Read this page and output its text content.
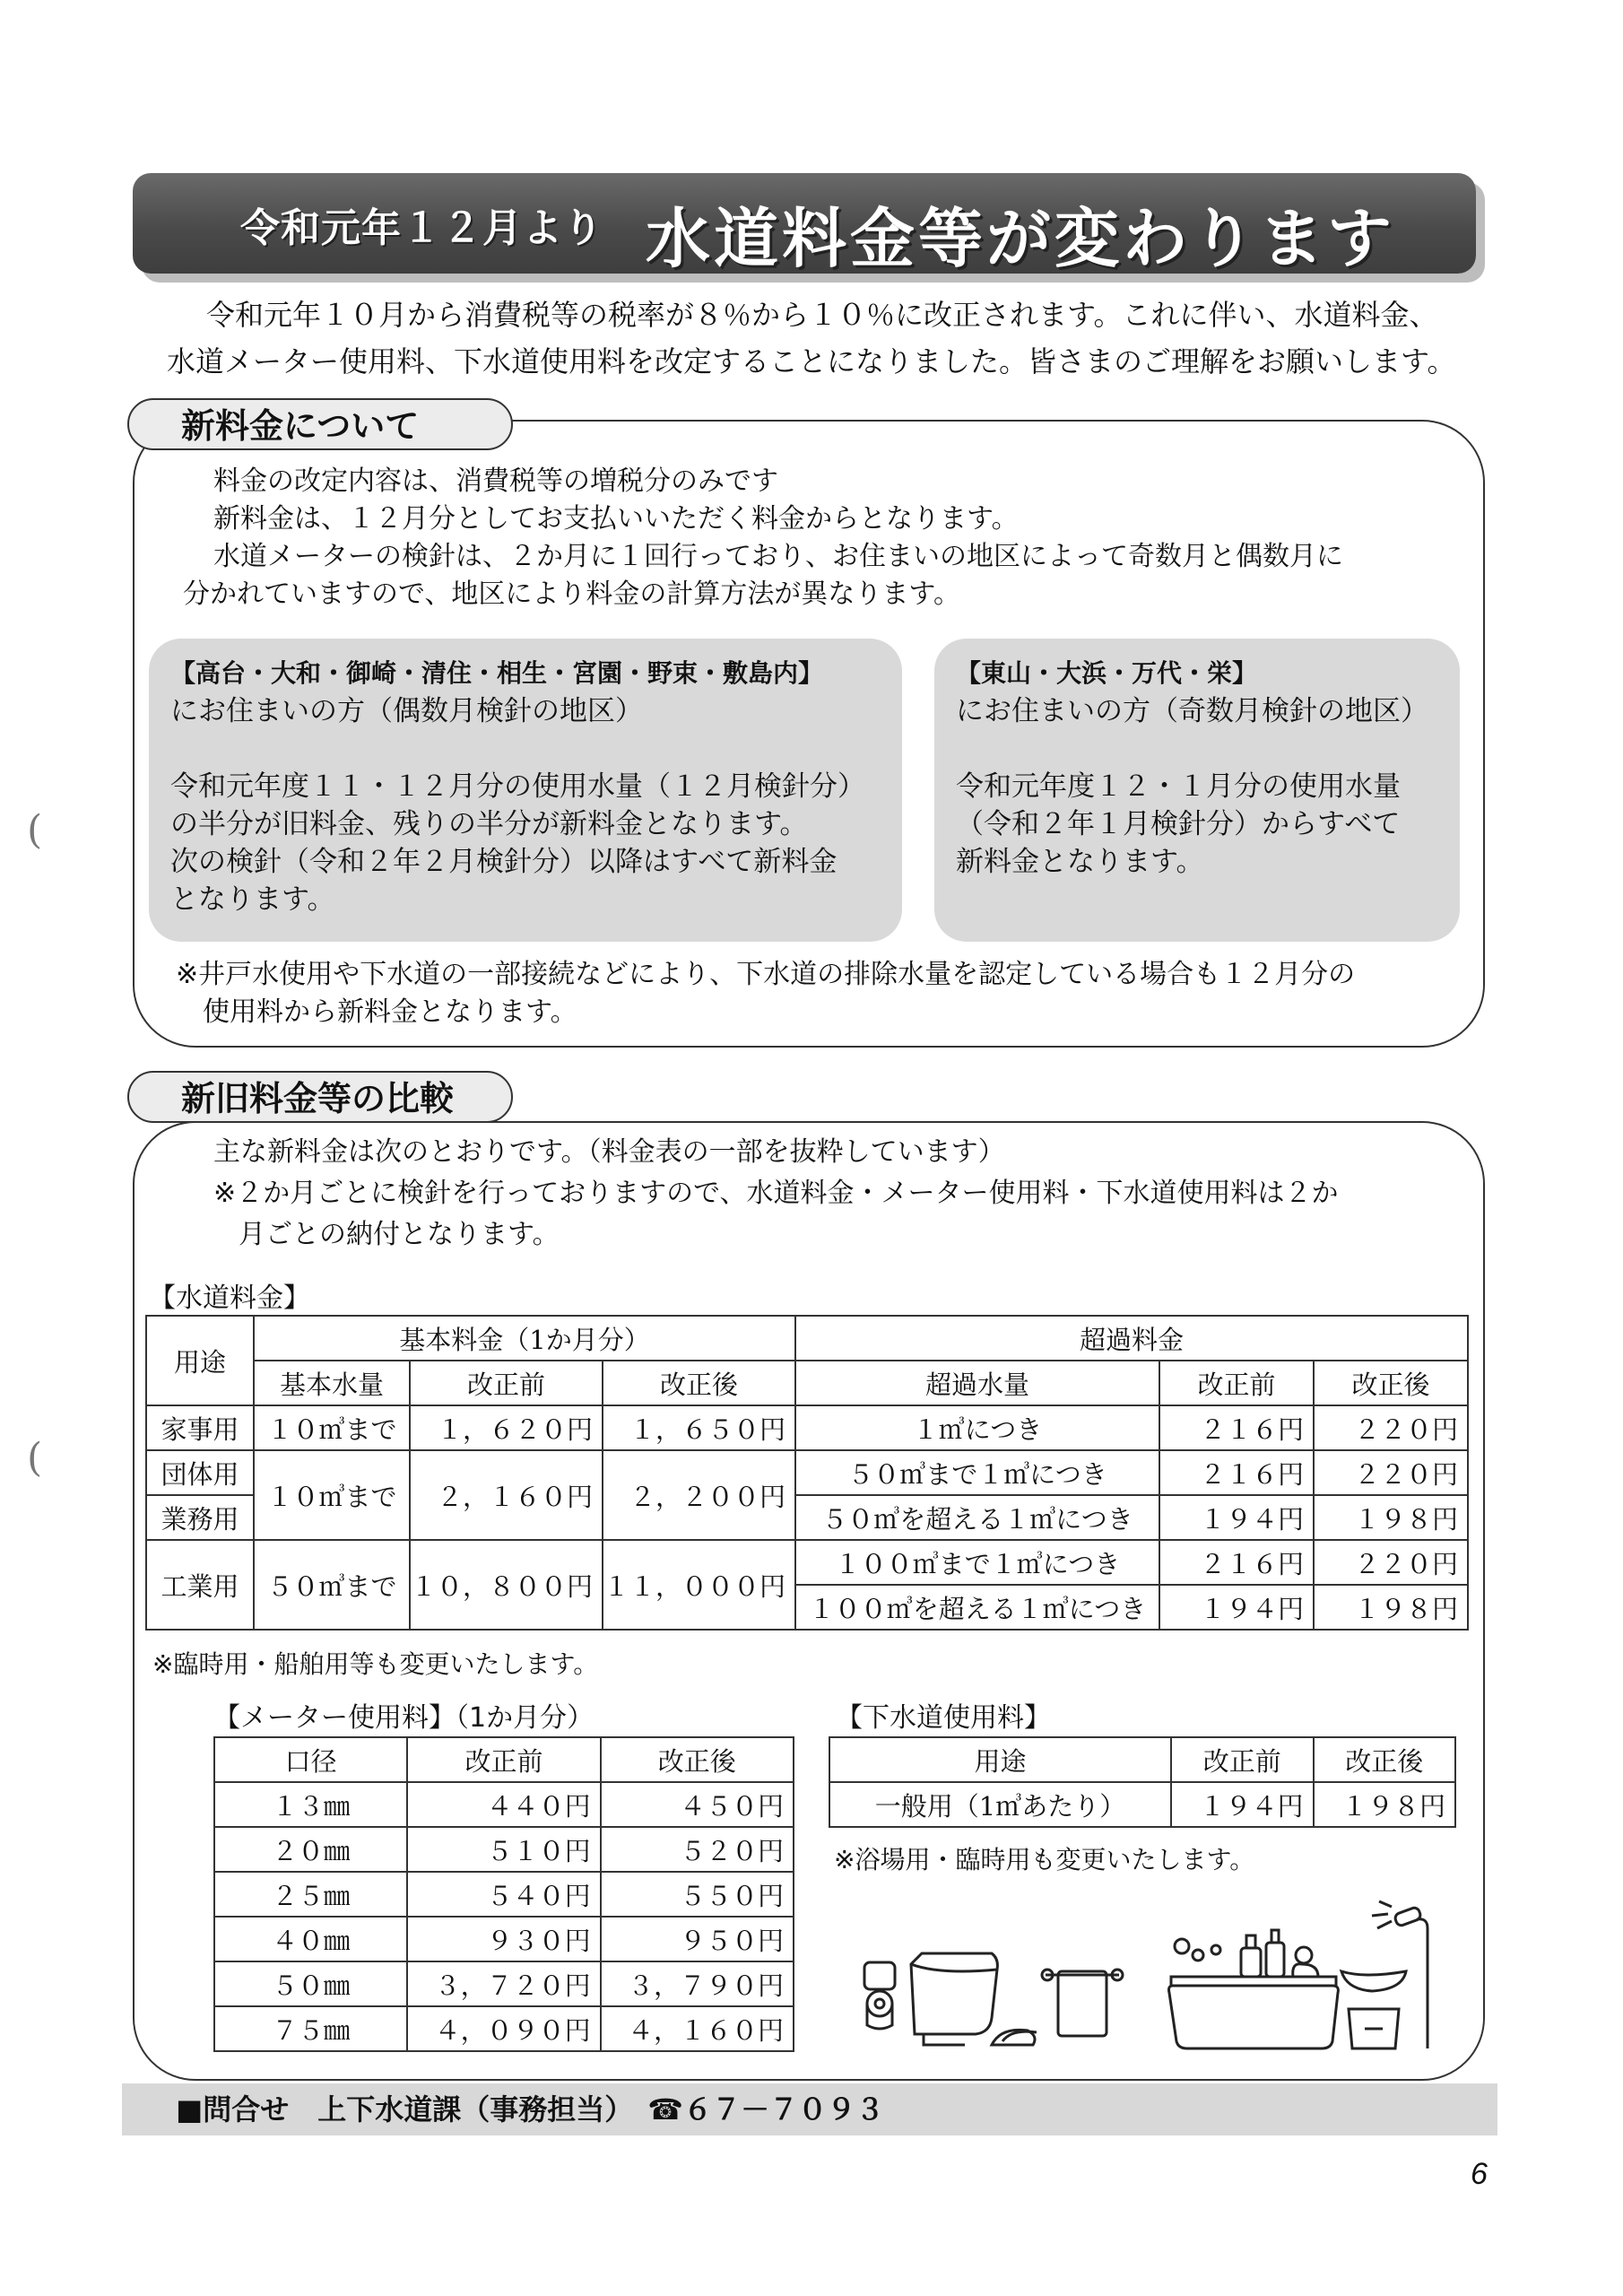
令和元年１２月より 水道料金等が変わります
令和元年１０月から消費税等の税率が８％から１０％に改正されます。これに伴い、水道料金、
水道メーター使用料、下水道使用料を改定することになりました。皆さまのご理解をお願いします。
新料金について
料金の改定内容は、消費税等の増税分のみです
新料金は、１２月分としてお支払いいただく料金からとなります。
水道メーターの検針は、２か月に１回行っており、お住まいの地区によって奇数月と偶数月に
分かれていますので、地区により料金の計算方法が異なります。
【高台・大和・御崎・清住・相生・宮園・野束・敷島内】
にお住まいの方（偶数月検針の地区）
令和元年度１１・１２月分の使用水量（１２月検針分）
の半分が旧料金、残りの半分が新料金となります。
次の検針（令和２年２月検針分）以降はすべて新料金
となります。
【東山・大浜・万代・栄】
にお住まいの方（奇数月検針の地区）
令和元年度１２・１月分の使用水量
（令和２年１月検針分）からすべて
新料金となります。
※井戸水使用や下水道の一部接続などにより、下水道の排除水量を認定している場合も１２月分の
使用料から新料金となります。
新旧料金等の比較
主な新料金は次のとおりです。（料金表の一部を抜粋しています）
※２か月ごとに検針を行っておりますので、水道料金・メーター使用料・下水道使用料は２か
月ごとの納付となります。
【水道料金】
用途	基本料金（1か月分）			超過料金		
	基本水量	改正前	改正後	超過水量	改正前	改正後
家事用	１０㎥まで	１，６２０円	１，６５０円	１㎥につき	２１６円	２２０円
団体用	１０㎥まで	２，１６０円	２，２００円	５０㎥まで１㎥につき	２１６円	２２０円
業務用				５０㎥を超える１㎥につき	１９４円	１９８円
工業用	５０㎥まで	１０，８００円	１１，０００円	１００㎥まで１㎥につき	２１６円	２２０円
				１００㎥を超える１㎥につき	１９４円	１９８円
※臨時用・船舶用等も変更いたします。
【メーター使用料】（1か月分）
口径	改正前	改正後
１３㎜	４４０円	４５０円
２０㎜	５１０円	５２０円
２５㎜	５４０円	５５０円
４０㎜	９３０円	９５０円
５０㎜	３，７２０円	３，７９０円
７５㎜	４，０９０円	４，１６０円
【下水道使用料】
用途	改正前	改正後
一般用（1㎥あたり）	１９４円	１９８円
※浴場用・臨時用も変更いたします。
■問合せ　上下水道課（事務担当）　☎６７－７０９３
6
(
(
